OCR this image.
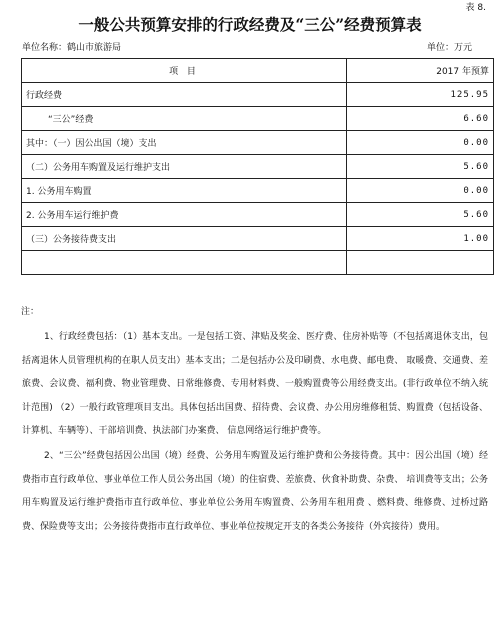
表 8.
一般公共预算安排的行政经费及“三公”经费预算表
单位名称：鹤山市旅游局	单位：万元
项 目	2017 年预算
行政经费	125.95
“三公”经费	6.60
其中：（一）因公出国（境）支出	0.00
（二）公务用车购置及运行维护支出	5.60
1. 公务用车购置	0.00
2. 公务用车运行维护费	5.60
（三）公务接待费支出	1.00

注：

1、行政经费包括：（1）基本支出。一是包括工资、津贴及奖金、医疗费、住房补贴等（不包括离退休支出，包括离退休人员管理机构的在职人员支出）基本支出；二是包括办公及印刷费、水电费、邮电费、 取暖费、交通费、差旅费、会议费、福利费、物业管理费、日常维修费、专用材料费、一般购置费等公用经费支出。(非行政单位不纳入统计范围) （2）一般行政管理项目支出。具体包括出国费、招待费、会议费、办公用房维修租赁、购置费（包括设备、计算机、车辆等）、干部培训费、执法部门办案费、 信息网络运行维护费等。

2、“三公”经费包括因公出国（境）经费、公务用车购置及运行维护费和公务接待费。其中：因公出国（境）经费指市直行政单位、事业单位工作人员公务出国（境）的住宿费、差旅费、伙食补助费、杂费、 培训费等支出；公务用车购置及运行维护费指市直行政单位、事业单位公务用车购置费、公务用车租用费 、燃料费、维修费、过桥过路费、保险费等支出；公务接待费指市直行政单位、事业单位按规定开支的各类公务接待（外宾接待）费用。
